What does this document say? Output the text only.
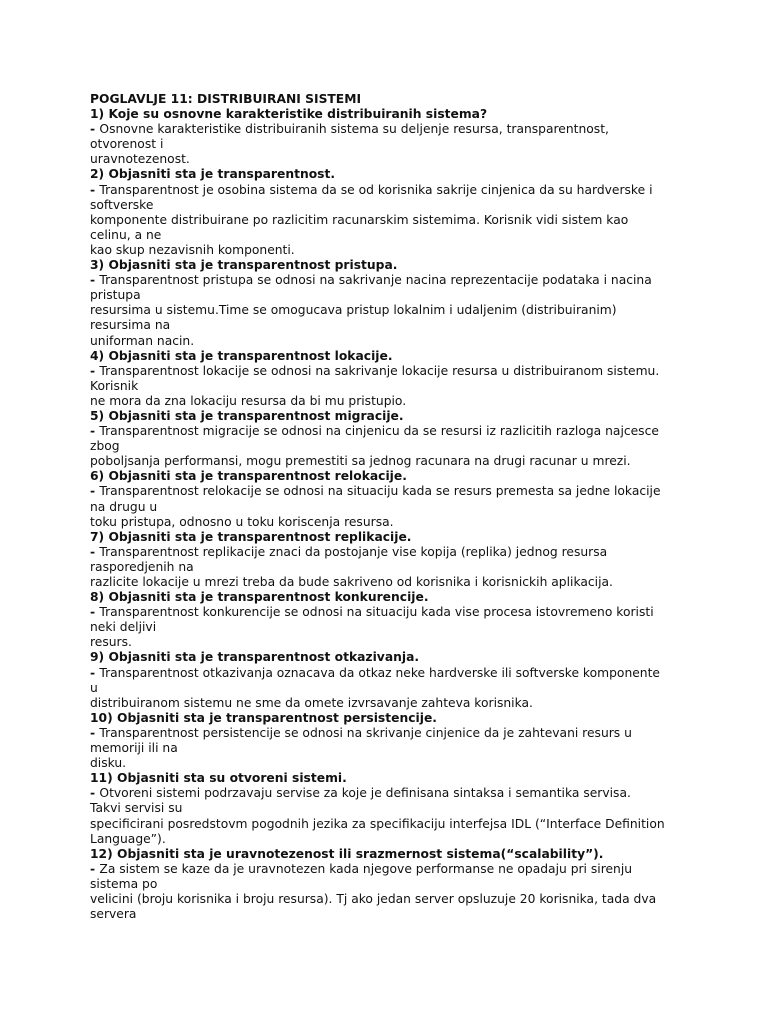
POGLAVLJE 11: DISTRIBUIRANI SISTEMI
1) Koje su osnovne karakteristike distribuiranih sistema?
- Osnovne karakteristike distribuiranih sistema su deljenje resursa, transparentnost,
otvorenost i
uravnotezenost.
2) Objasniti sta je transparentnost.
- Transparentnost je osobina sistema da se od korisnika sakrije cinjenica da su hardverske i
softverske
komponente distribuirane po razlicitim racunarskim sistemima. Korisnik vidi sistem kao
celinu, a ne
kao skup nezavisnih komponenti.
3) Objasniti sta je transparentnost pristupa.
- Transparentnost pristupa se odnosi na sakrivanje nacina reprezentacije podataka i nacina
pristupa
resursima u sistemu.Time se omogucava pristup lokalnim i udaljenim (distribuiranim)
resursima na
uniforman nacin.
4) Objasniti sta je transparentnost lokacije.
- Transparentnost lokacije se odnosi na sakrivanje lokacije resursa u distribuiranom sistemu.
Korisnik
ne mora da zna lokaciju resursa da bi mu pristupio.
5) Objasniti sta je transparentnost migracije.
- Transparentnost migracije se odnosi na cinjenicu da se resursi iz razlicitih razloga najcesce
zbog
poboljsanja performansi, mogu premestiti sa jednog racunara na drugi racunar u mrezi.
6) Objasniti sta je transparentnost relokacije.
- Transparentnost relokacije se odnosi na situaciju kada se resurs premesta sa jedne lokacije
na drugu u
toku pristupa, odnosno u toku koriscenja resursa.
7) Objasniti sta je transparentnost replikacije.
- Transparentnost replikacije znaci da postojanje vise kopija (replika) jednog resursa
rasporedjenih na
razlicite lokacije u mrezi treba da bude sakriveno od korisnika i korisnickih aplikacija.
8) Objasniti sta je transparentnost konkurencije.
- Transparentnost konkurencije se odnosi na situaciju kada vise procesa istovremeno koristi
neki deljivi
resurs.
9) Objasniti sta je transparentnost otkazivanja.
- Transparentnost otkazivanja oznacava da otkaz neke hardverske ili softverske komponente
u
distribuiranom sistemu ne sme da omete izvrsavanje zahteva korisnika.
10) Objasniti sta je transparentnost persistencije.
- Transparentnost persistencije se odnosi na skrivanje cinjenice da je zahtevani resurs u
memoriji ili na
disku.
11) Objasniti sta su otvoreni sistemi.
- Otvoreni sistemi podrzavaju servise za koje je definisana sintaksa i semantika servisa.
Takvi servisi su
specificirani posredstovm pogodnih jezika za specifikaciju interfejsa IDL (“Interface Definition
Language”).
12) Objasniti sta je uravnotezenost ili srazmernost sistema(“scalability”).
- Za sistem se kaze da je uravnotezen kada njegove performanse ne opadaju pri sirenju
sistema po
velicini (broju korisnika i broju resursa). Tj ako jedan server opsluzuje 20 korisnika, tada dva
servera
